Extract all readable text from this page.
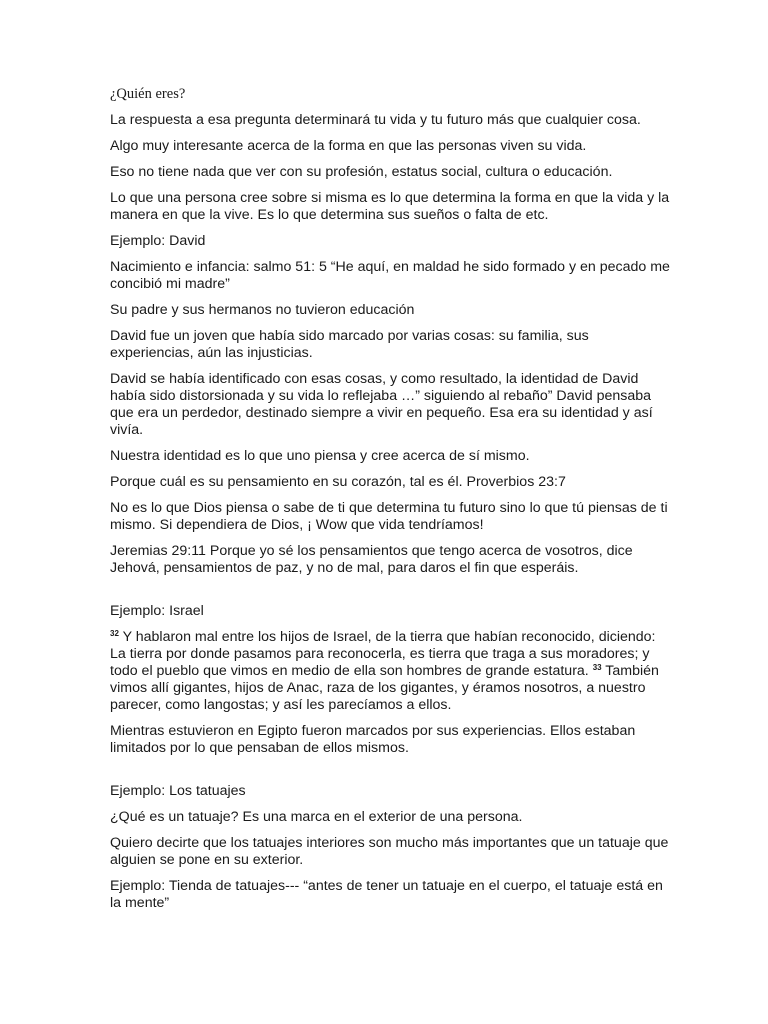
¿Quién eres?

La respuesta a esa pregunta determinará tu vida y tu futuro más que cualquier cosa.

Algo muy interesante acerca de la forma en que las personas viven su vida.

Eso no tiene nada que ver con su profesión, estatus social, cultura o educación.

Lo que una persona cree sobre si misma es lo que determina la forma en que la vida y la manera en que la vive. Es lo que determina sus sueños o falta de etc.

Ejemplo: David

Nacimiento e infancia: salmo 51: 5 “He aquí, en maldad he sido formado y en pecado me concibió mi madre”

Su padre y sus hermanos no tuvieron educación

David fue un joven que había sido marcado por varias cosas: su familia, sus experiencias, aún las injusticias.

David se había identificado con esas cosas, y como resultado, la identidad de David había sido distorsionada y su vida lo reflejaba …” siguiendo al rebaño” David pensaba que era un perdedor, destinado siempre a vivir en pequeño. Esa era su identidad y así vivía.

Nuestra identidad es lo que uno piensa y cree acerca de sí mismo.

Porque cuál es su pensamiento en su corazón, tal es él. Proverbios 23:7

No es lo que Dios piensa o sabe de ti que determina tu futuro sino lo que tú piensas de ti mismo. Si dependiera de Dios, ¡ Wow que vida tendríamos!

Jeremias 29:11 Porque yo sé los pensamientos que tengo acerca de vosotros, dice Jehová, pensamientos de paz, y no de mal, para daros el fin que esperáis.

Ejemplo: Israel

$^{32}$ Y hablaron mal entre los hijos de Israel, de la tierra que habían reconocido, diciendo: La tierra por donde pasamos para reconocerla, es tierra que traga a sus moradores; y todo el pueblo que vimos en medio de ella son hombres de grande estatura. $^{33}$ También vimos allí gigantes, hijos de Anac, raza de los gigantes, y éramos nosotros, a nuestro parecer, como langostas; y así les parecíamos a ellos.

Mientras estuvieron en Egipto fueron marcados por sus experiencias. Ellos estaban limitados por lo que pensaban de ellos mismos.

Ejemplo: Los tatuajes

¿Qué es un tatuaje? Es una marca en el exterior de una persona.

Quiero decirte que los tatuajes interiores son mucho más importantes que un tatuaje que alguien se pone en su exterior.

Ejemplo: Tienda de tatuajes--- “antes de tener un tatuaje en el cuerpo, el tatuaje está en la mente”
